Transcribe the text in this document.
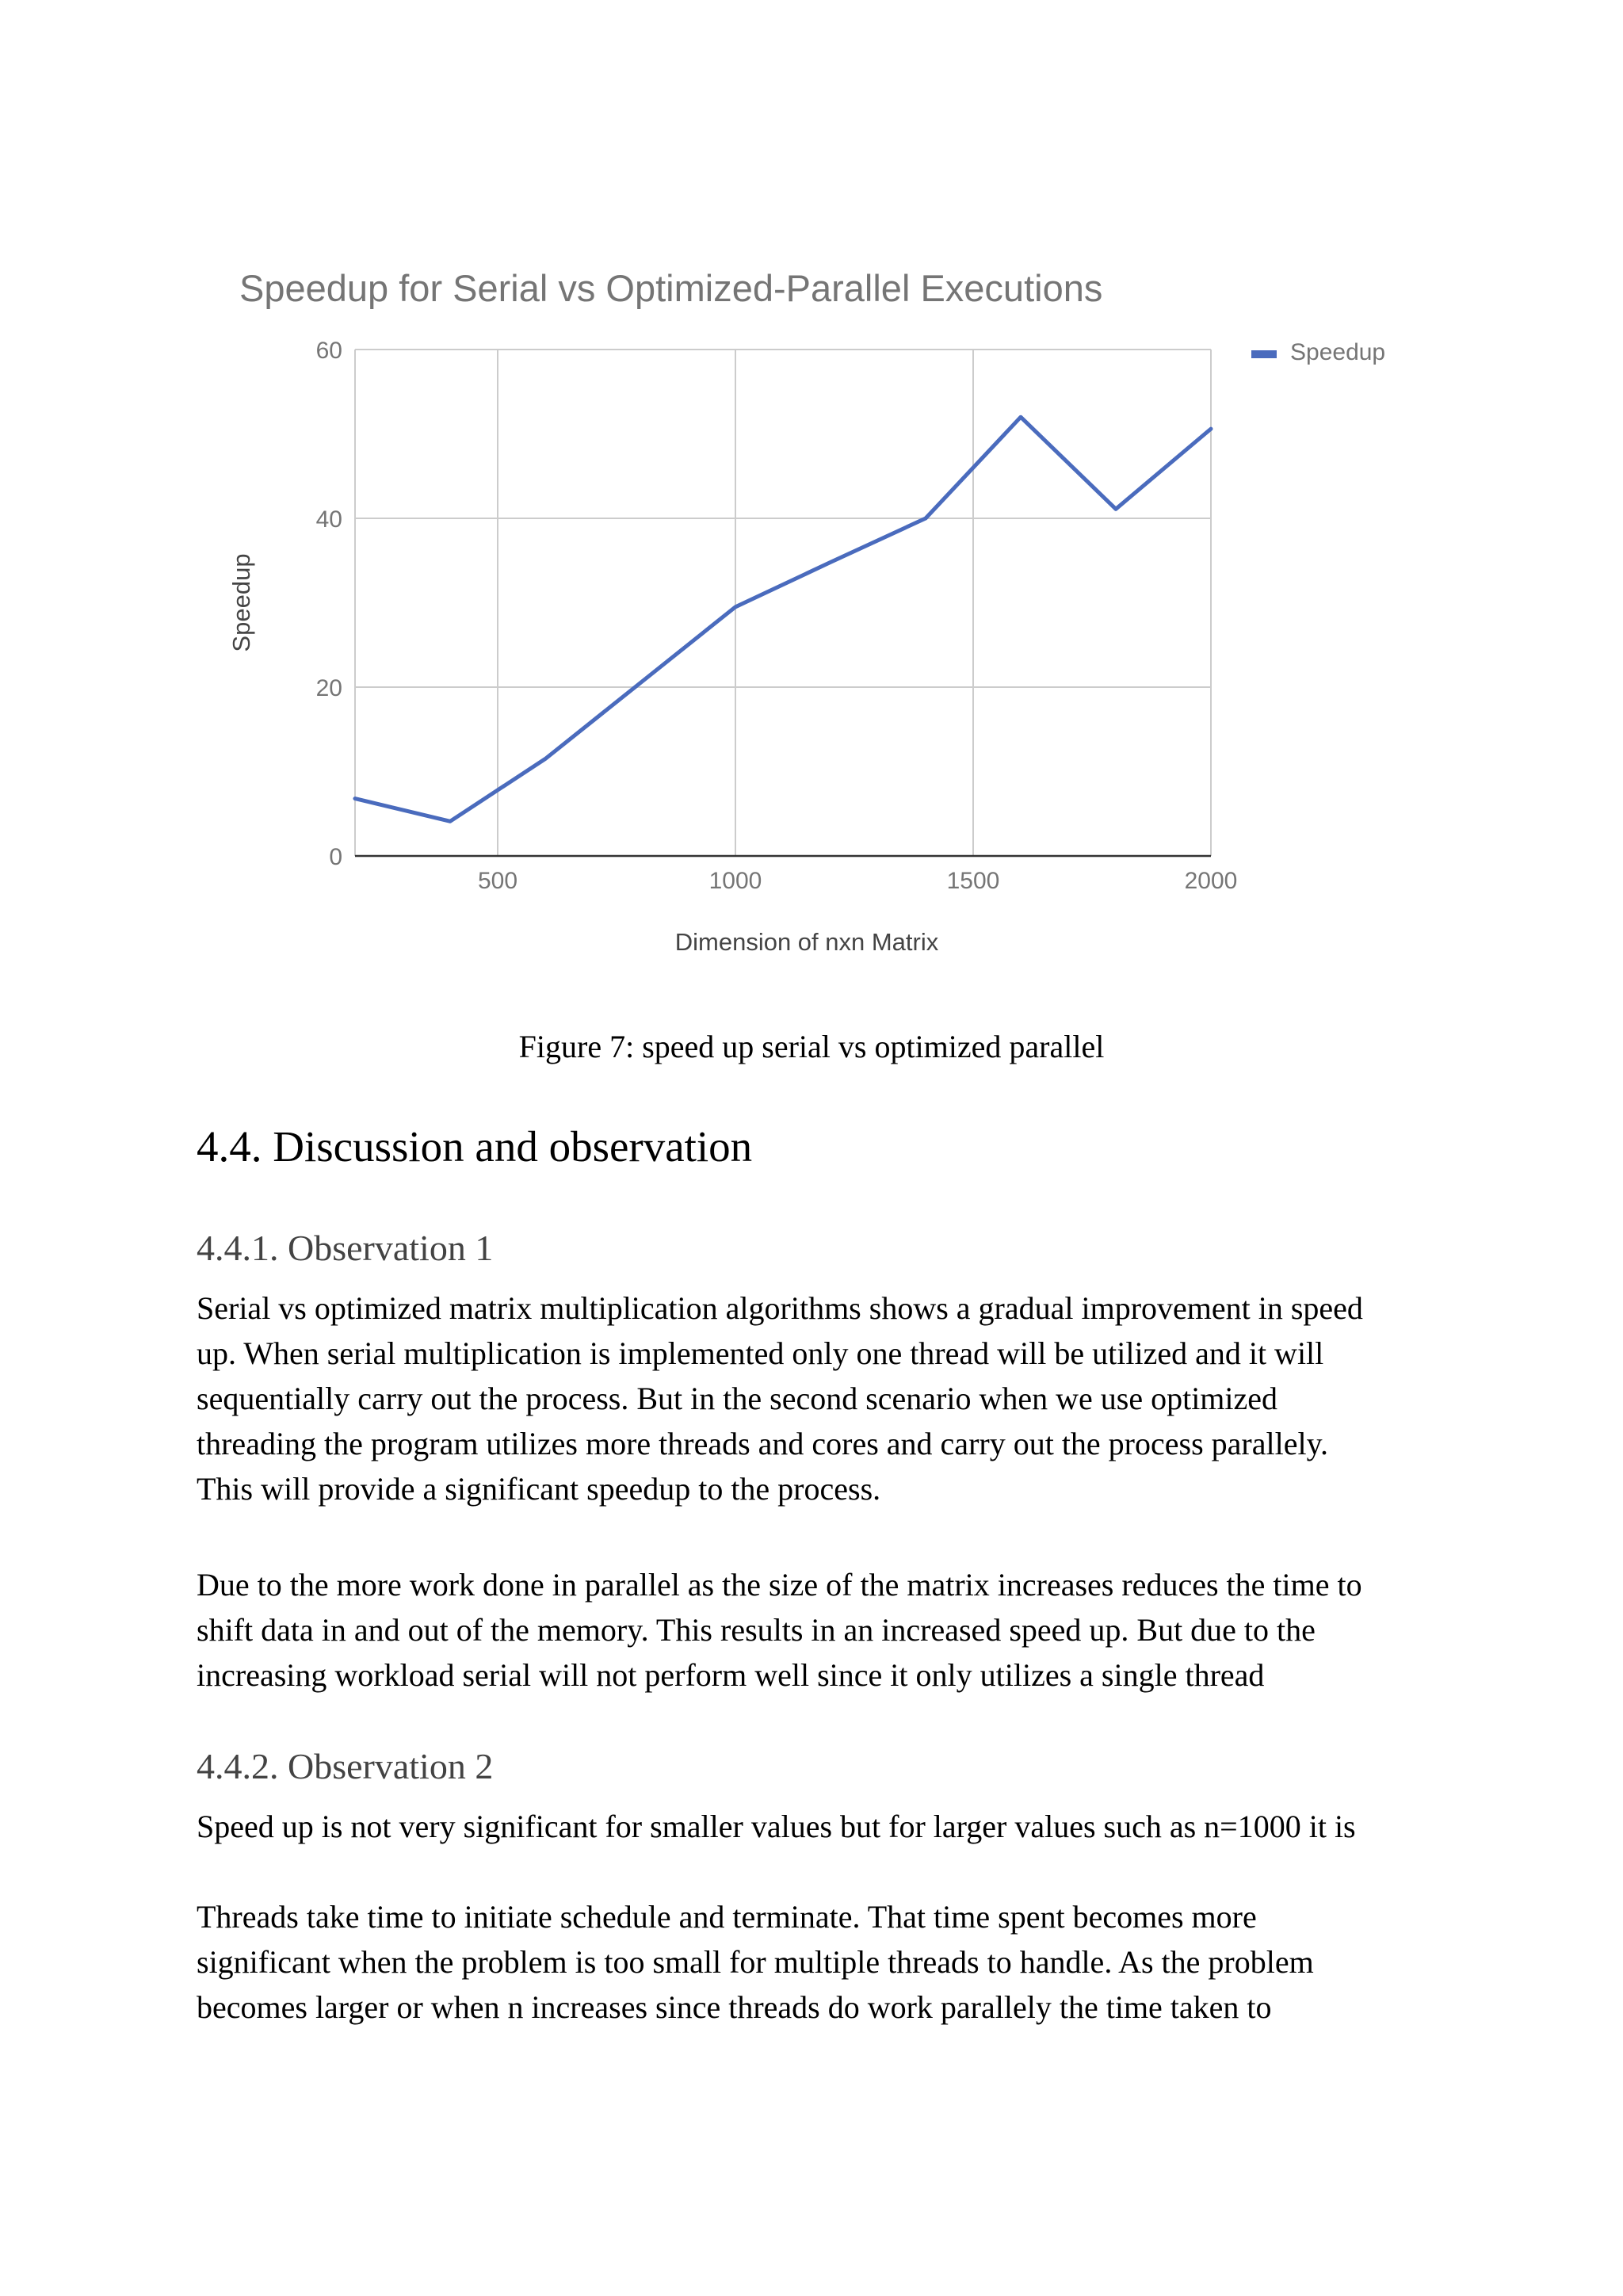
Speedup for Serial vs Optimized-Parallel Executions
0
20
40
60
500	1000	1500	2000
Dimension of nxn Matrix
Speedup
Speedup
Figure 7: speed up serial vs optimized parallel
4.4. Discussion and observation
4.4.1. Observation 1
Serial vs optimized matrix multiplication algorithms shows a gradual improvement in speed
up. When serial multiplication is implemented only one thread will be utilized and it will
sequentially carry out the process. But in the second scenario when we use optimized
threading the program utilizes more threads and cores and carry out the process parallely.
This will provide a significant speedup to the process.
Due to the more work done in parallel as the size of the matrix increases reduces the time to
shift data in and out of the memory. This results in an increased speed up. But due to the
increasing workload serial will not perform well since it only utilizes a single thread
4.4.2. Observation 2
Speed up is not very significant for smaller values but for larger values such as n=1000 it is
Threads take time to initiate schedule and terminate. That time spent becomes more
significant when the problem is too small for multiple threads to handle. As the problem
becomes larger or when n increases since threads do work parallely the time taken to
